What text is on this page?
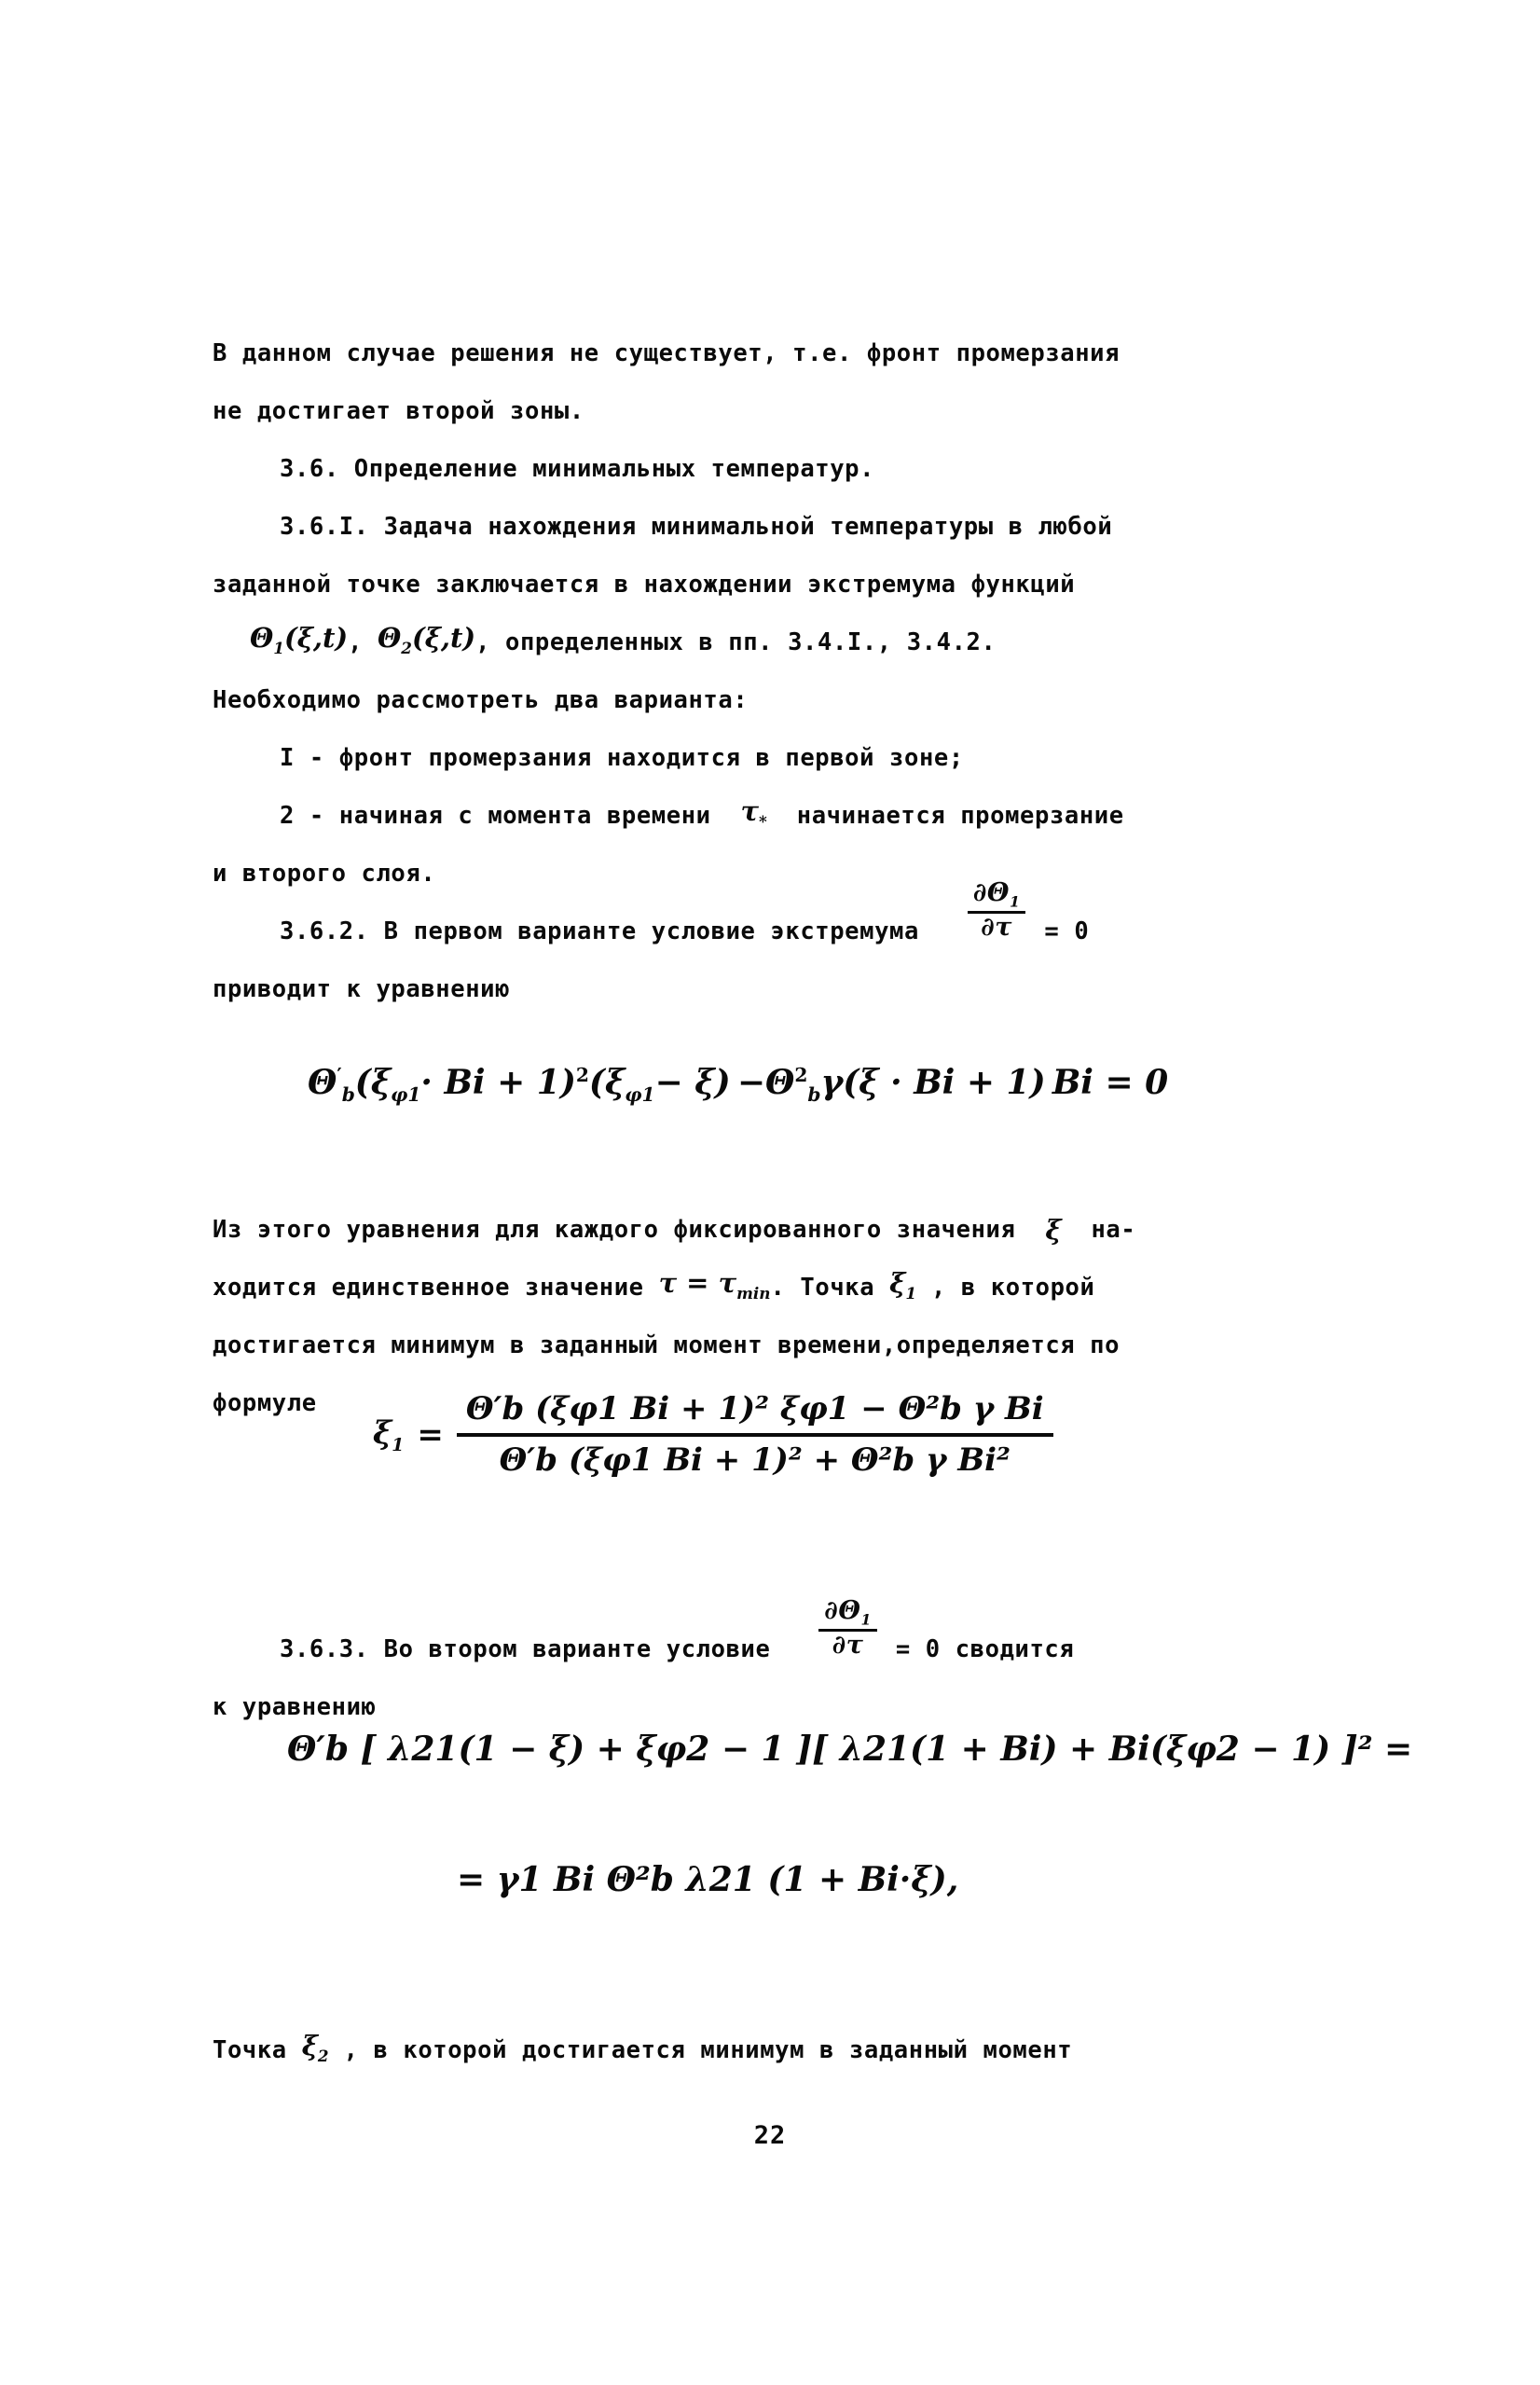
В данном случае решения не существует, т.е. фронт промерзания
не достигает второй зоны.
3.6. Определение минимальных температур.
3.6.I. Задача нахождения минимальной температуры в любой
заданной точке заключается в нахождении экстремума функций
$\Theta_1(\xi,t)$ , $\Theta_2(\xi,t)$ , определенных в пп. 3.4.I., 3.4.2.
Необходимо рассмотреть два варианта:
I - фронт промерзания находится в первой зоне;
2 - начиная с момента времени
$\tau_*$
начинается промерзание
и второго слоя.
3.6.2. В первом варианте условие экстремума
$\frac{\partial\Theta_1}{\partial\tau}$
= 0
приводит к уравнению
$\Theta'_b(\xi_{\varphi 1}\cdot Bi + 1)^2(\xi_{\varphi 1}- \xi) -\Theta^2_b\gamma(\xi \cdot Bi + 1) Bi = 0$
Из этого уравнения для каждого фиксированного значения
ξ
на-
ходится единственное значение
$\tau = \tau_{min}$ . Точка
$\xi_1$
, в которой
достигается минимум в заданный момент времени,определяется по
формуле
$\xi_1 = \frac{\text{Θ′b (ξφ1 Bi + 1)² ξφ1 − Θ²b γ Bi}}{\text{Θ′b (ξφ1 Bi + 1)² + Θ²b γ Bi²}}$
3.6.3. Во втором варианте условие
$\frac{\partial\Theta_1}{\partial\tau}$
= 0 сводится
к уравнению
Θ′b [ λ21(1 − ξ) + ξφ2 − 1 ][ λ21(1 + Bi) + Bi(ξφ2 − 1) ]² =
= γ1 Bi Θ²b λ21 (1 + Bi·ξ),
Точка
$\xi_2$
, в которой достигается минимум в заданный момент
22
